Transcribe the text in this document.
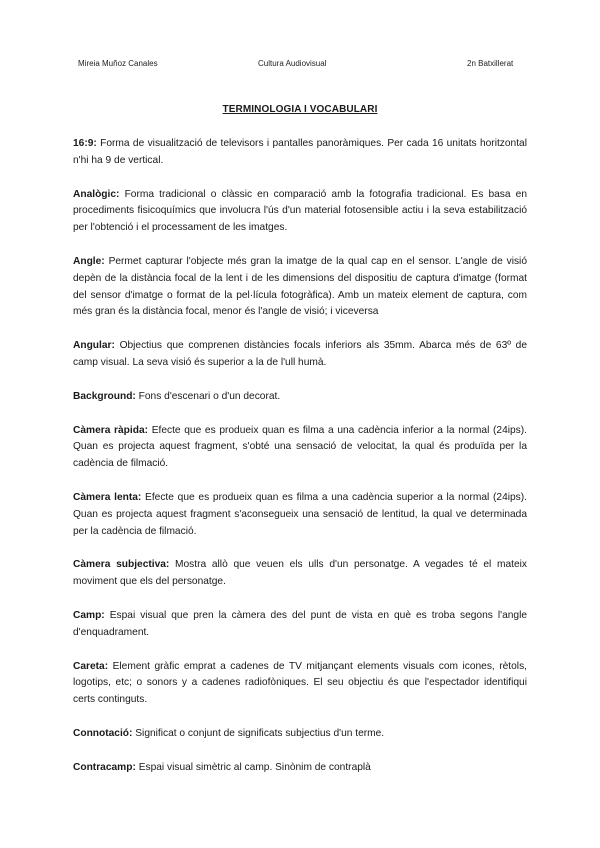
Mireia Muñoz Canales	Cultura Audiovisual	2n Batxillerat
TERMINOLOGIA I VOCABULARI

16:9: Forma de visualització de televisors i pantalles panoràmiques. Per cada 16 unitats horitzontal n'hi ha 9 de vertical.

Analògic: Forma tradicional o clàssic en comparació amb la fotografia tradicional. Es basa en procediments fisicoquímics que involucra l'ús d'un material fotosensible actiu i la seva estabilització per l'obtenció i el processament de les imatges.

Angle: Permet capturar l'objecte més gran la imatge de la qual cap en el sensor. L'angle de visió depèn de la distància focal de la lent i de les dimensions del dispositiu de captura d'imatge (format del sensor d'imatge o format de la pel·lícula fotogràfica). Amb un mateix element de captura, com més gran és la distància focal, menor és l'angle de visió; i viceversa

Angular: Objectius que comprenen distàncies focals inferiors als 35mm. Abarca més de 63º de camp visual. La seva visió és superior a la de l'ull humà.

Background: Fons d'escenari o d'un decorat.

Càmera ràpida: Efecte que es produeix quan es filma a una cadència inferior a la normal (24ips). Quan es projecta aquest fragment, s'obté una sensació de velocitat, la qual és produïda per la cadència de filmació.

Càmera lenta: Efecte que es produeix quan es filma a una cadència superior a la normal (24ips). Quan es projecta aquest fragment s'aconsegueix una sensació de lentitud, la qual ve determinada per la cadència de filmació.

Càmera subjectiva: Mostra allò que veuen els ulls d'un personatge. A vegades té el mateix moviment que els del personatge.

Camp: Espai visual que pren la càmera des del punt de vista en què es troba segons l'angle d'enquadrament.

Careta: Element gràfic emprat a cadenes de TV mitjançant elements visuals com icones, rètols, logotips, etc; o sonors y a cadenes radiofòniques. El seu objectiu és que l'espectador identifiqui certs continguts.

Connotació: Significat o conjunt de significats subjectius d'un terme.

Contracamp: Espai visual simètric al camp. Sinònim de contraplà
